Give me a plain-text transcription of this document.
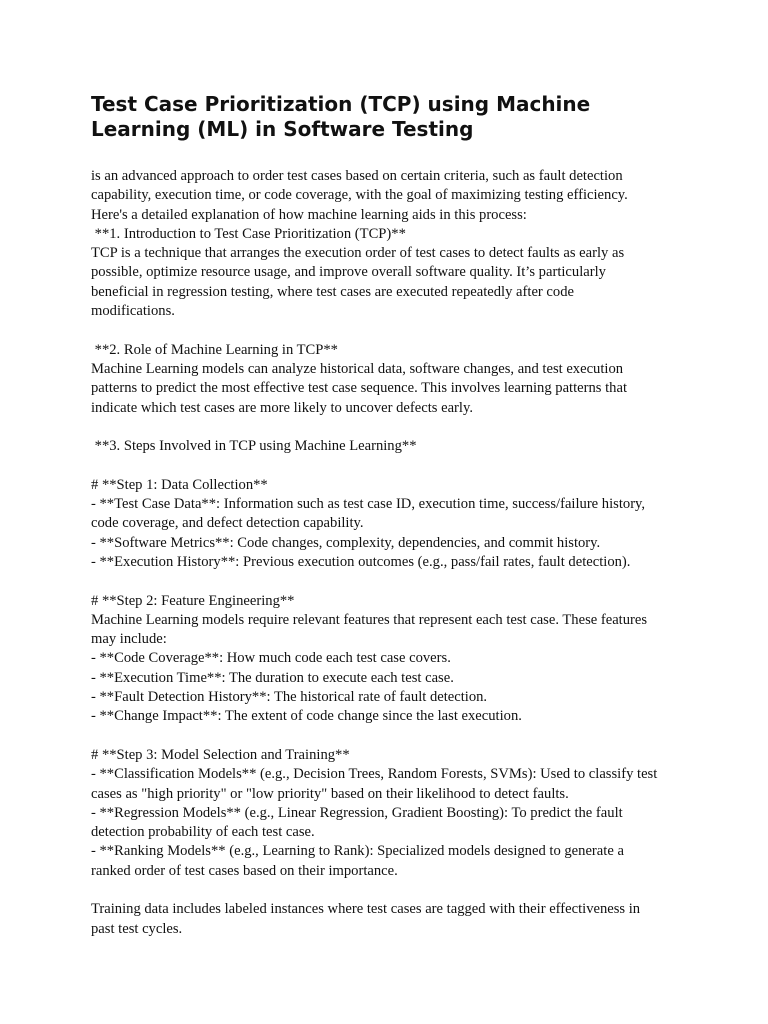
Test Case Prioritization (TCP) using Machine Learning (ML) in Software Testing
is an advanced approach to order test cases based on certain criteria, such as fault detection
capability, execution time, or code coverage, with the goal of maximizing testing efficiency.
Here's a detailed explanation of how machine learning aids in this process:
**1. Introduction to Test Case Prioritization (TCP)**
TCP is a technique that arranges the execution order of test cases to detect faults as early as
possible, optimize resource usage, and improve overall software quality. It’s particularly
beneficial in regression testing, where test cases are executed repeatedly after code
modifications.

**2. Role of Machine Learning in TCP**
Machine Learning models can analyze historical data, software changes, and test execution
patterns to predict the most effective test case sequence. This involves learning patterns that
indicate which test cases are more likely to uncover defects early.

**3. Steps Involved in TCP using Machine Learning**

# **Step 1: Data Collection**
- **Test Case Data**: Information such as test case ID, execution time, success/failure history,
code coverage, and defect detection capability.
- **Software Metrics**: Code changes, complexity, dependencies, and commit history.
- **Execution History**: Previous execution outcomes (e.g., pass/fail rates, fault detection).

# **Step 2: Feature Engineering**
Machine Learning models require relevant features that represent each test case. These features
may include:
- **Code Coverage**: How much code each test case covers.
- **Execution Time**: The duration to execute each test case.
- **Fault Detection History**: The historical rate of fault detection.
- **Change Impact**: The extent of code change since the last execution.

# **Step 3: Model Selection and Training**
- **Classification Models** (e.g., Decision Trees, Random Forests, SVMs): Used to classify test
cases as "high priority" or "low priority" based on their likelihood to detect faults.
- **Regression Models** (e.g., Linear Regression, Gradient Boosting): To predict the fault
detection probability of each test case.
- **Ranking Models** (e.g., Learning to Rank): Specialized models designed to generate a
ranked order of test cases based on their importance.

Training data includes labeled instances where test cases are tagged with their effectiveness in
past test cycles.
